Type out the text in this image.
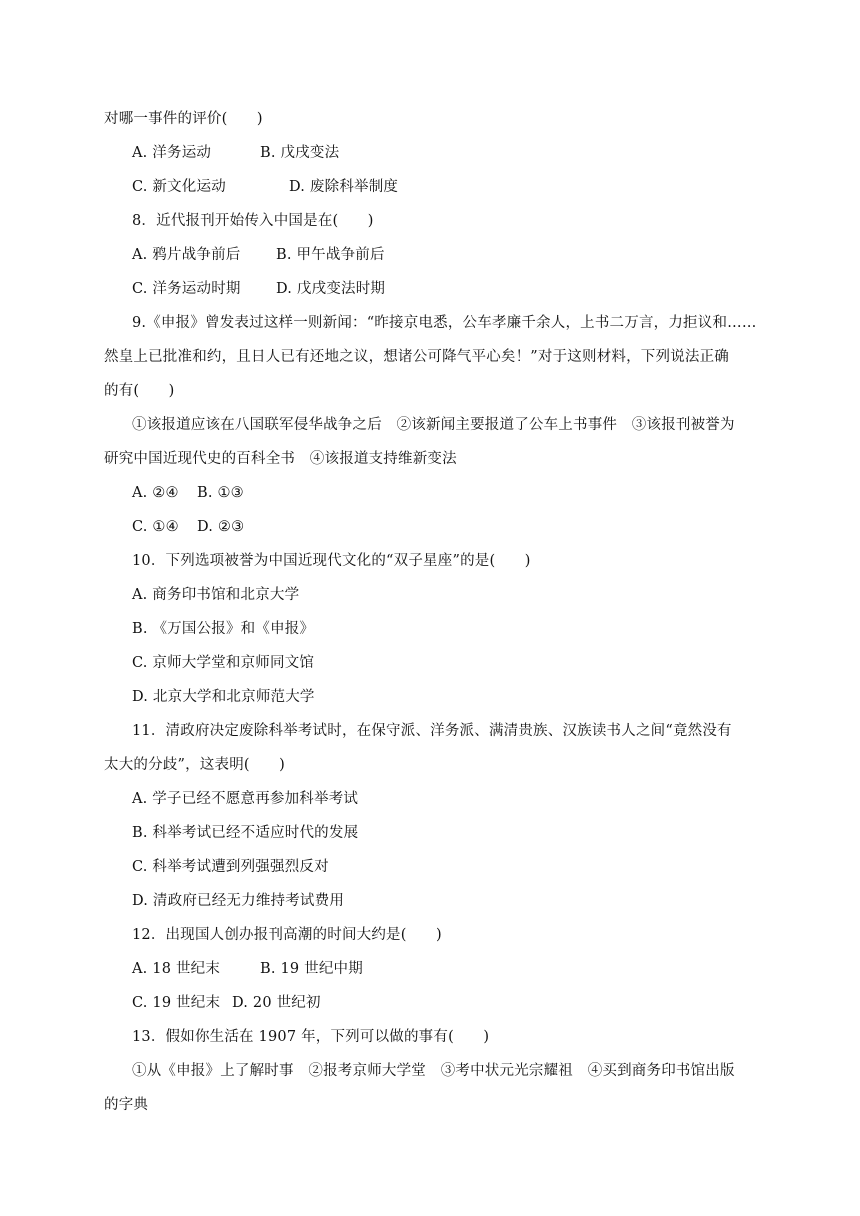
对哪一事件的评价(　　)
A. 洋务运动	B. 戊戌变法
C. 新文化运动	D. 废除科举制度
8．近代报刊开始传入中国是在(　　)
A. 鸦片战争前后 B. 甲午战争前后
C. 洋务运动时期 D. 戊戌变法时期
9.《申报》曾发表过这样一则新闻：“昨接京电悉，公车孝廉千余人，上书二万言，力拒议和……
然皇上已批准和约，且日人已有还地之议，想诸公可降气平心矣！”对于这则材料，下列说法正确
的有(　　)
①该报道应该在八国联军侵华战争之后　②该新闻主要报道了公车上书事件　③该报刊被誉为
研究中国近现代史的百科全书　④该报道支持维新变法
A. ②④ B. ①③
C. ①④ D. ②③
10．下列选项被誉为中国近现代文化的“双子星座”的是(　　)
A. 商务印书馆和北京大学
B. 《万国公报》和《申报》
C. 京师大学堂和京师同文馆
D. 北京大学和北京师范大学
11．清政府决定废除科举考试时，在保守派、洋务派、满清贵族、汉族读书人之间“竟然没有
太大的分歧”，这表明(　　)
A. 学子已经不愿意再参加科举考试
B. 科举考试已经不适应时代的发展
C. 科举考试遭到列强强烈反对
D. 清政府已经无力维持考试费用
12．出现国人创办报刊高潮的时间大约是(　　)
A. 18 世纪末	B. 19 世纪中期
C. 19 世纪末 D. 20 世纪初
13．假如你生活在 1907 年，下列可以做的事有(　　)
①从《申报》上了解时事　②报考京师大学堂　③考中状元光宗耀祖　④买到商务印书馆出版
的字典
